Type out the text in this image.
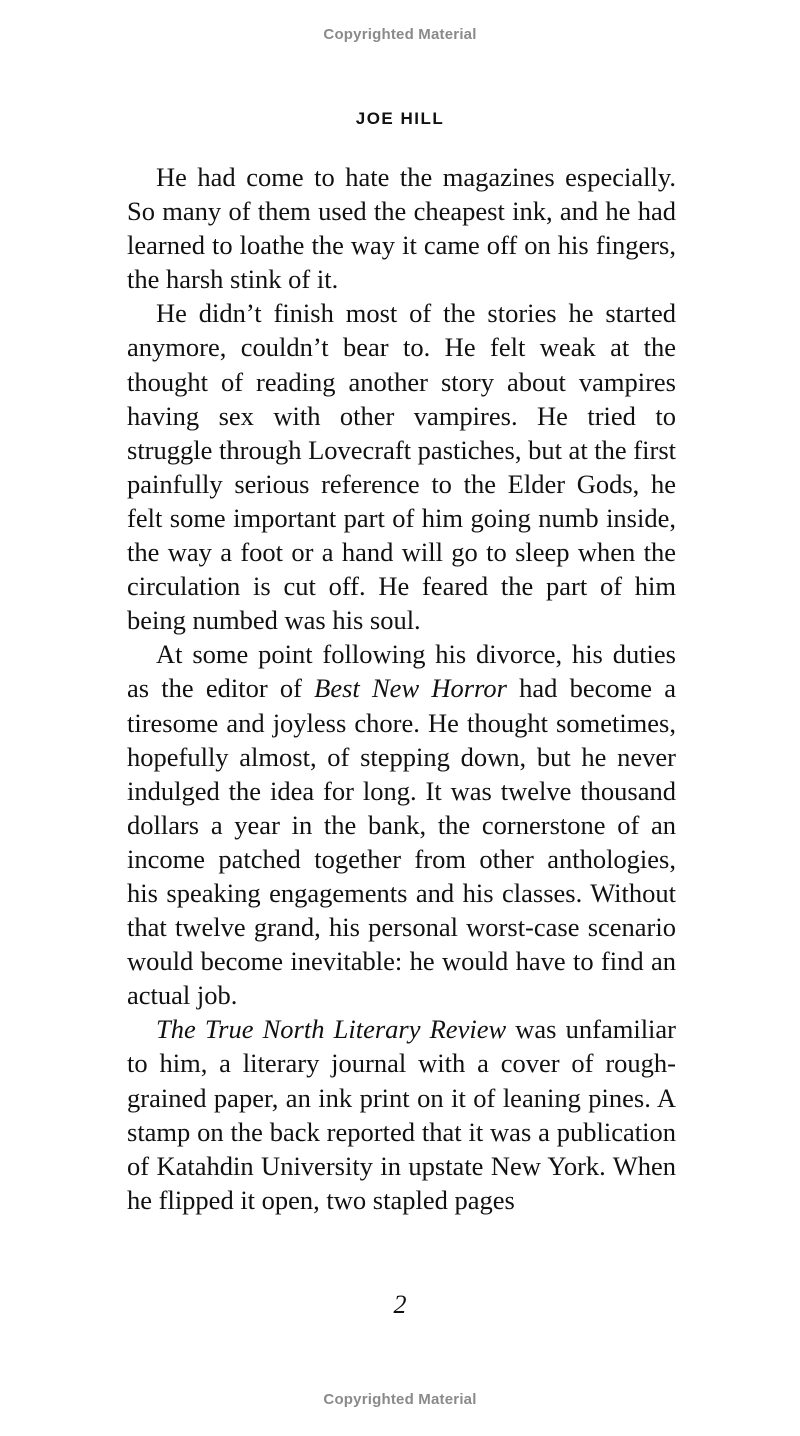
Copyrighted Material
JOE HILL

He had come to hate the magazines especially. So many of them used the cheapest ink, and he had learned to loathe the way it came off on his fingers, the harsh stink of it.

He didn’t finish most of the stories he started anymore, couldn’t bear to. He felt weak at the thought of reading another story about vampires having sex with other vampires. He tried to struggle through Lovecraft pastiches, but at the first painfully serious reference to the Elder Gods, he felt some important part of him going numb inside, the way a foot or a hand will go to sleep when the circulation is cut off. He feared the part of him being numbed was his soul.

At some point following his divorce, his duties as the editor of Best New Horror had become a tiresome and joyless chore. He thought sometimes, hopefully almost, of stepping down, but he never indulged the idea for long. It was twelve thousand dollars a year in the bank, the cornerstone of an income patched together from other anthologies, his speaking engagements and his classes. Without that twelve grand, his personal worst-case scenario would become inevitable: he would have to find an actual job.

The True North Literary Review was unfamiliar to him, a literary journal with a cover of rough-grained paper, an ink print on it of leaning pines. A stamp on the back reported that it was a publication of Katahdin University in upstate New York. When he flipped it open, two stapled pages

2
Copyrighted Material
